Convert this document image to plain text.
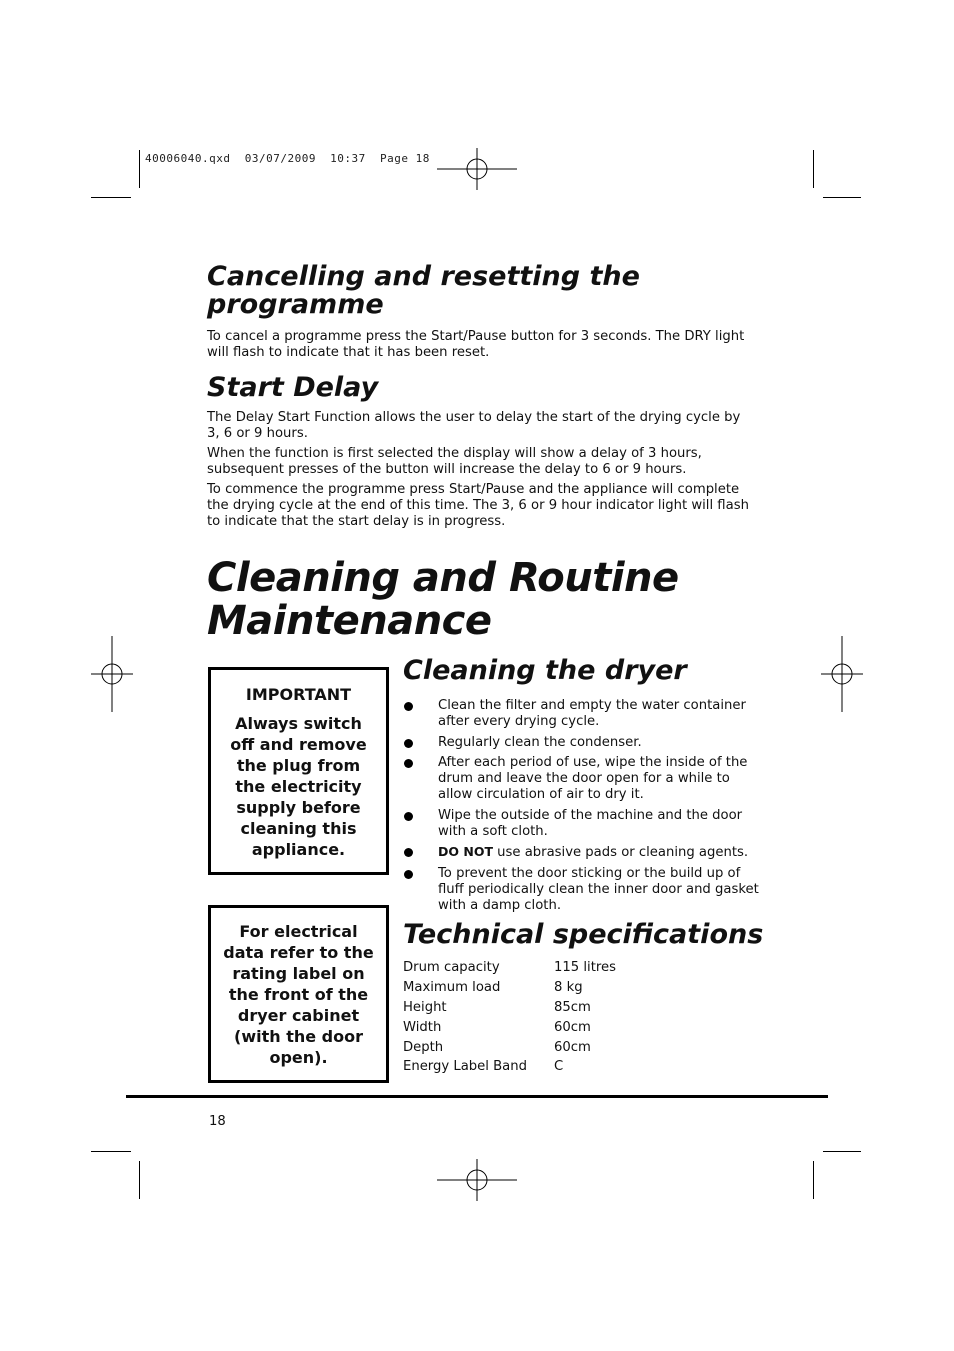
40006040.qxd  03/07/2009  10:37  Page 18
Cancelling and resetting the
programme

To cancel a programme press the Start/Pause button for 3 seconds. The DRY light will flash to indicate that it has been reset.

Start Delay

The Delay Start Function allows the user to delay the start of the drying cycle by 3, 6 or 9 hours.

When the function is first selected the display will show a delay of 3 hours, subsequent presses of the button will increase the delay to 6 or 9 hours.

To commence the programme press Start/Pause and the appliance will complete the drying cycle at the end of this time. The 3, 6 or 9 hour indicator light will flash to indicate that the start delay is in progress.

Cleaning and Routine
Maintenance
IMPORTANT
Always switch off and remove the plug from the electricity supply before cleaning this appliance.
For electrical data refer to the rating label on the front of the dryer cabinet (with the door open).
Cleaning the dryer
Clean the filter and empty the water container after every drying cycle.
Regularly clean the condenser.
After each period of use, wipe the inside of the drum and leave the door open for a while to allow circulation of air to dry it.
Wipe the outside of the machine and the door with a soft cloth.
DO NOT use abrasive pads or cleaning agents.
To prevent the door sticking or the build up of fluff periodically clean the inner door and gasket with a damp cloth.
Technical specifications
Drum capacity	115 litres
Maximum load	8 kg
Height	85cm
Width	60cm
Depth	60cm
Energy Label Band	C
18
